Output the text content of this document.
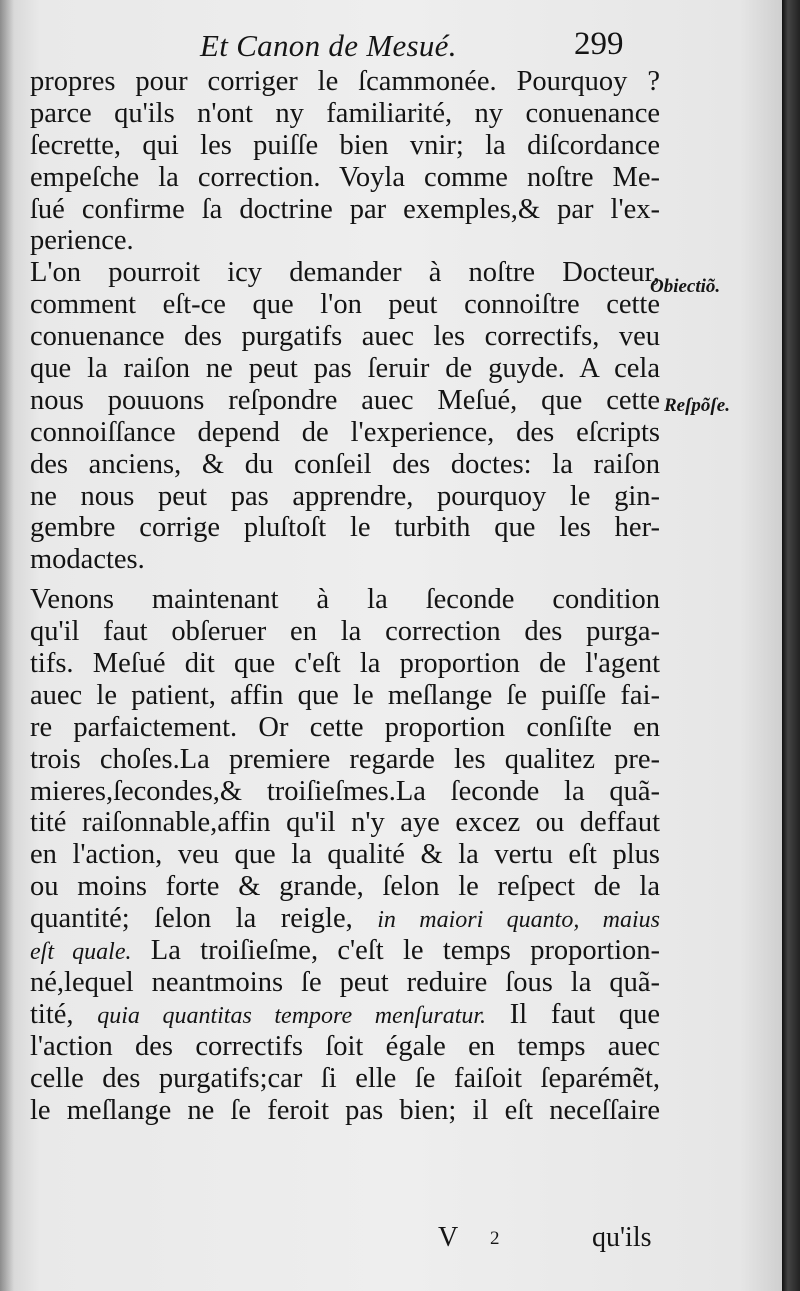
Et Canon de Mesué.	299
propres pour corriger le ſcammonée. Pourquoy ?
parce qu'ils n'ont ny familiarité, ny conuenance
ſecrette, qui les puiſſe bien vnir; la diſcordance
empeſche la correction. Voyla comme noſtre Me-
ſué confirme ſa doctrine par exemples,& par l'ex-
perience.
L'on pourroit icy demander à noſtre Docteur,
comment eſt-ce que l'on peut connoiſtre cette
conuenance des purgatifs auec les correctifs, veu
que la raiſon ne peut pas ſeruir de guyde. A cela
nous pouuons reſpondre auec Meſué, que cette
connoiſſance depend de l'experience, des eſcripts
des anciens, & du conſeil des doctes: la raiſon
ne nous peut pas apprendre, pourquoy le gin-
gembre corrige pluſtoſt le turbith que les her-
modactes.
Venons maintenant à la ſeconde condition
qu'il faut obſeruer en la correction des purga-
tifs. Meſué dit que c'eſt la proportion de l'agent
auec le patient, affin que le meſlange ſe puiſſe fai-
re parfaictement. Or cette proportion conſiſte en
trois choſes.La premiere regarde les qualitez pre-
mieres,ſecondes,& troiſieſmes.La ſeconde la quã-
tité raiſonnable,affin qu'il n'y aye excez ou deffaut
en l'action, veu que la qualité & la vertu eſt plus
ou moins forte & grande, ſelon le reſpect de la
quantité; ſelon la reigle, in maiori quanto, maius
eſt quale. La troiſieſme, c'eſt le temps proportion-
né,lequel neantmoins ſe peut reduire ſous la quã-
tité, quia quantitas tempore menſuratur. Il faut que
l'action des correctifs ſoit égale en temps auec
celle des purgatifs;car ſi elle ſe faiſoit ſeparémẽt,
le meſlange ne ſe feroit pas bien; il eſt neceſſaire
Obiectiõ.
Reſpõſe.
V 2	qu'ils
